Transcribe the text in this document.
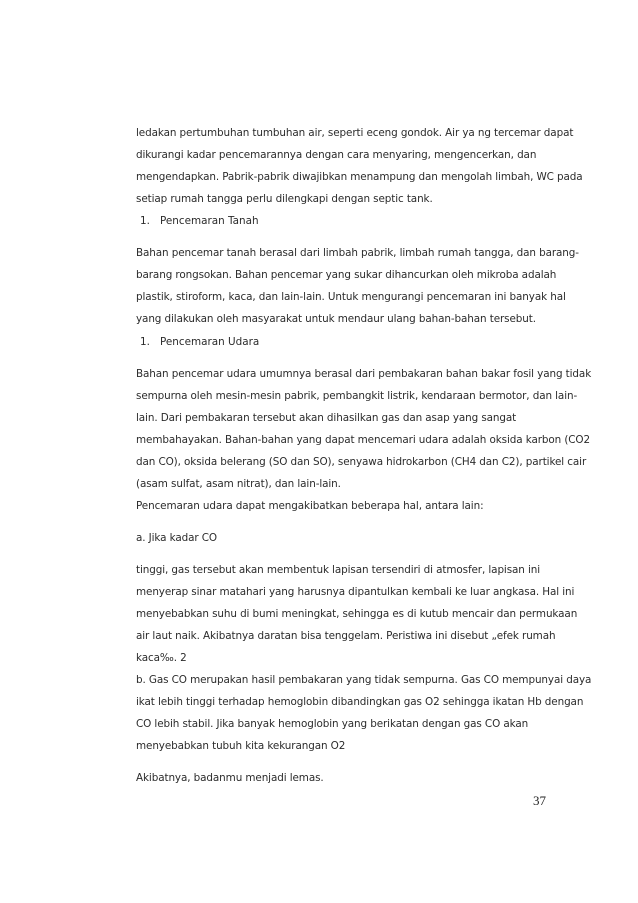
ledakan pertumbuhan tumbuhan air, seperti eceng gondok. Air ya ng tercemar dapat
dikurangi kadar pencemarannya dengan cara menyaring, mengencerkan, dan
mengendapkan. Pabrik-pabrik diwajibkan menampung dan mengolah limbah, WC pada
setiap rumah tangga perlu dilengkapi dengan septic tank.
1. Pencemaran Tanah
Bahan pencemar tanah berasal dari limbah pabrik, limbah rumah tangga, dan barang-
barang rongsokan. Bahan pencemar yang sukar dihancurkan oleh mikroba adalah
plastik, stiroform, kaca, dan lain-lain. Untuk mengurangi pencemaran ini banyak hal
yang dilakukan oleh masyarakat untuk mendaur ulang bahan-bahan tersebut.
1. Pencemaran Udara
Bahan pencemar udara umumnya berasal dari pembakaran bahan bakar fosil yang tidak
sempurna oleh mesin-mesin pabrik, pembangkit listrik, kendaraan bermotor, dan lain-
lain. Dari pembakaran tersebut akan dihasilkan gas dan asap yang sangat
membahayakan. Bahan-bahan yang dapat mencemari udara adalah oksida karbon (CO2
dan CO), oksida belerang (SO dan SO), senyawa hidrokarbon (CH4 dan C2), partikel cair
(asam sulfat, asam nitrat), dan lain-lain.
Pencemaran udara dapat mengakibatkan beberapa hal, antara lain:
a. Jika kadar CO
tinggi, gas tersebut akan membentuk lapisan tersendiri di atmosfer, lapisan ini
menyerap sinar matahari yang harusnya dipantulkan kembali ke luar angkasa. Hal ini
menyebabkan suhu di bumi meningkat, sehingga es di kutub mencair dan permukaan
air laut naik. Akibatnya daratan bisa tenggelam. Peristiwa ini disebut „efek rumah
kaca‰. 2
b. Gas CO merupakan hasil pembakaran yang tidak sempurna. Gas CO mempunyai daya
ikat lebih tinggi terhadap hemoglobin dibandingkan gas O2 sehingga ikatan Hb dengan
CO lebih stabil. Jika banyak hemoglobin yang berikatan dengan gas CO akan
menyebabkan tubuh kita kekurangan O2
Akibatnya, badanmu menjadi lemas.
37
